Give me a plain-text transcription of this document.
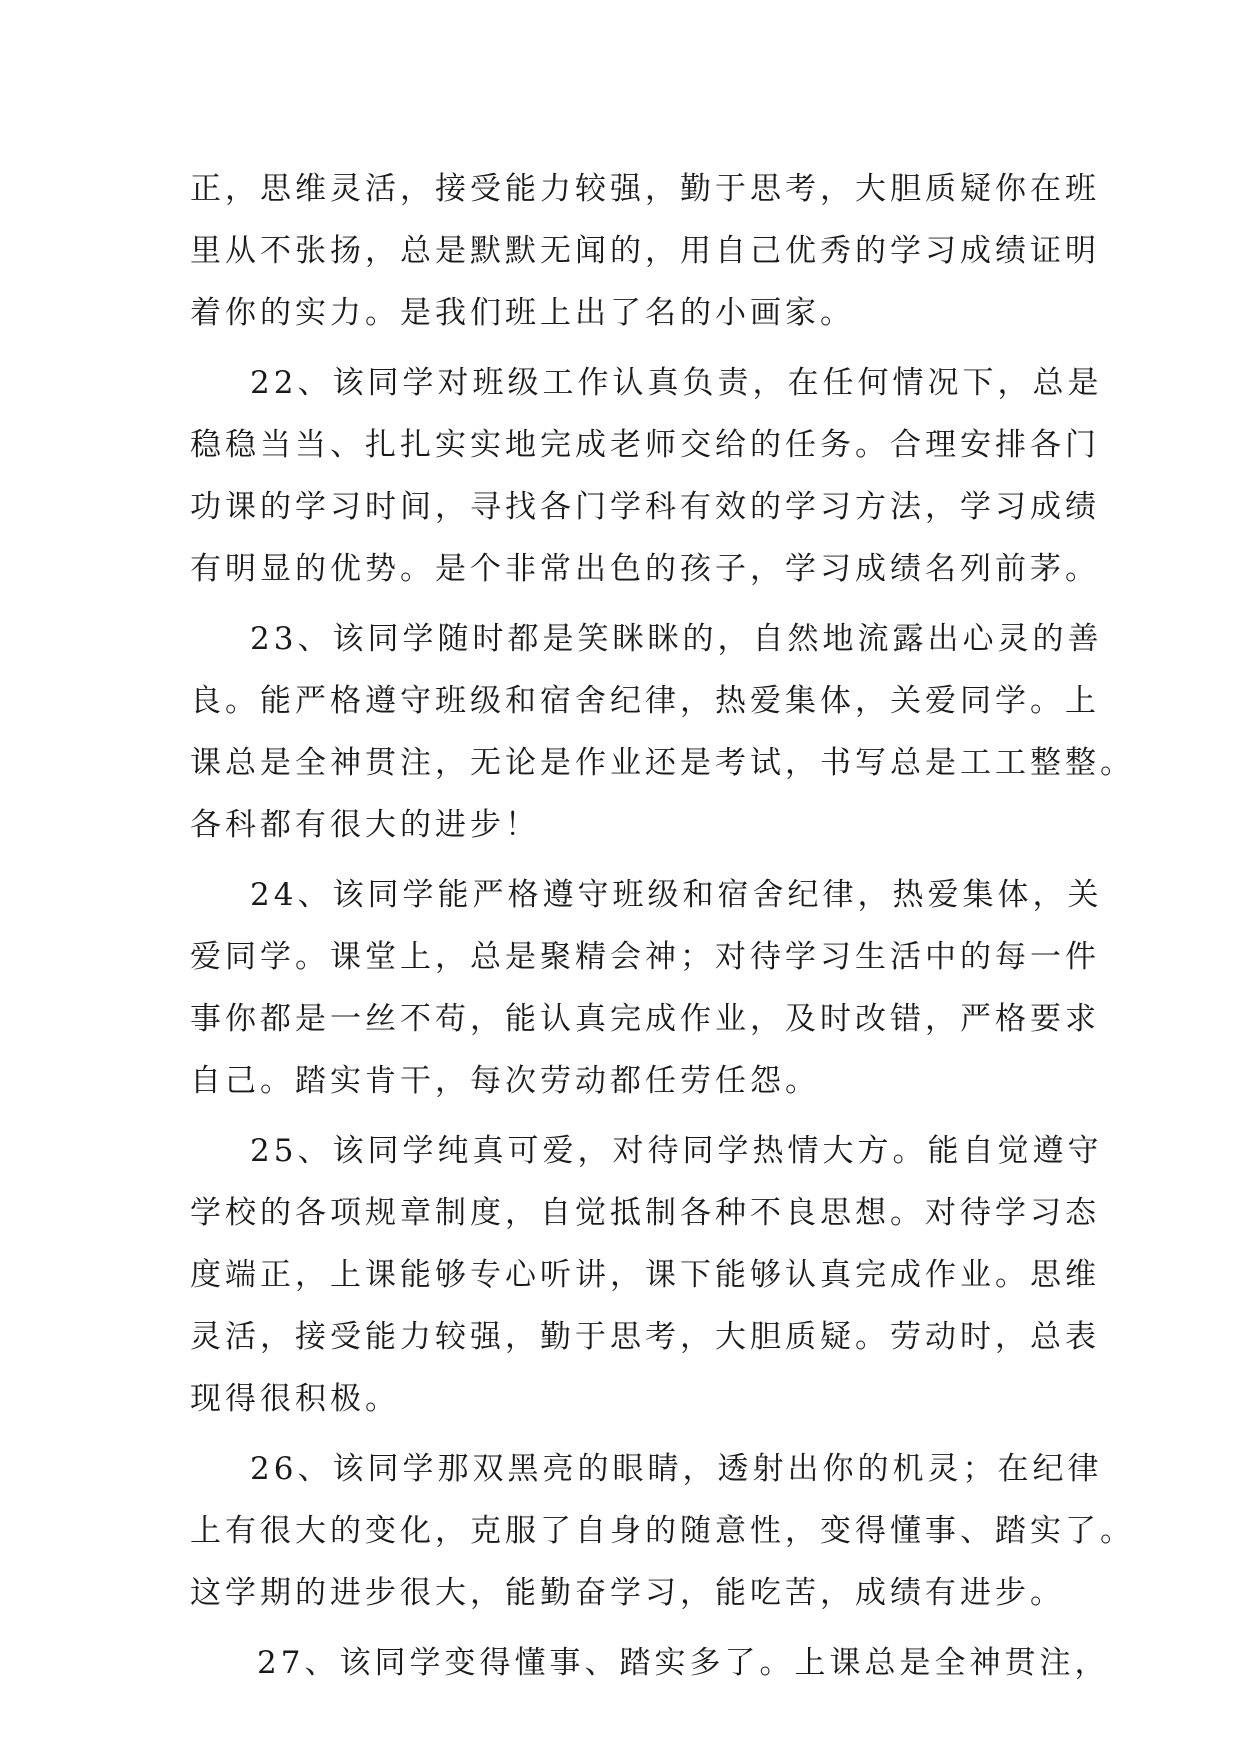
正，思维灵活，接受能力较强，勤于思考，大胆质疑你在班
里从不张扬，总是默默无闻的，用自己优秀的学习成绩证明
着你的实力。是我们班上出了名的小画家。
22、该同学对班级工作认真负责，在任何情况下，总是
稳稳当当、扎扎实实地完成老师交给的任务。合理安排各门
功课的学习时间，寻找各门学科有效的学习方法，学习成绩
有明显的优势。是个非常出色的孩子，学习成绩名列前茅。
23、该同学随时都是笑眯眯的，自然地流露出心灵的善
良。能严格遵守班级和宿舍纪律，热爱集体，关爱同学。上
课总是全神贯注，无论是作业还是考试，书写总是工工整整。
各科都有很大的进步！
24、该同学能严格遵守班级和宿舍纪律，热爱集体，关
爱同学。课堂上，总是聚精会神；对待学习生活中的每一件
事你都是一丝不苟，能认真完成作业，及时改错，严格要求
自己。踏实肯干，每次劳动都任劳任怨。
25、该同学纯真可爱，对待同学热情大方。能自觉遵守
学校的各项规章制度，自觉抵制各种不良思想。对待学习态
度端正，上课能够专心听讲，课下能够认真完成作业。思维
灵活，接受能力较强，勤于思考，大胆质疑。劳动时，总表
现得很积极。
26、该同学那双黑亮的眼睛，透射出你的机灵；在纪律
上有很大的变化，克服了自身的随意性，变得懂事、踏实了。
这学期的进步很大，能勤奋学习，能吃苦，成绩有进步。
27、该同学变得懂事、踏实多了。上课总是全神贯注，
